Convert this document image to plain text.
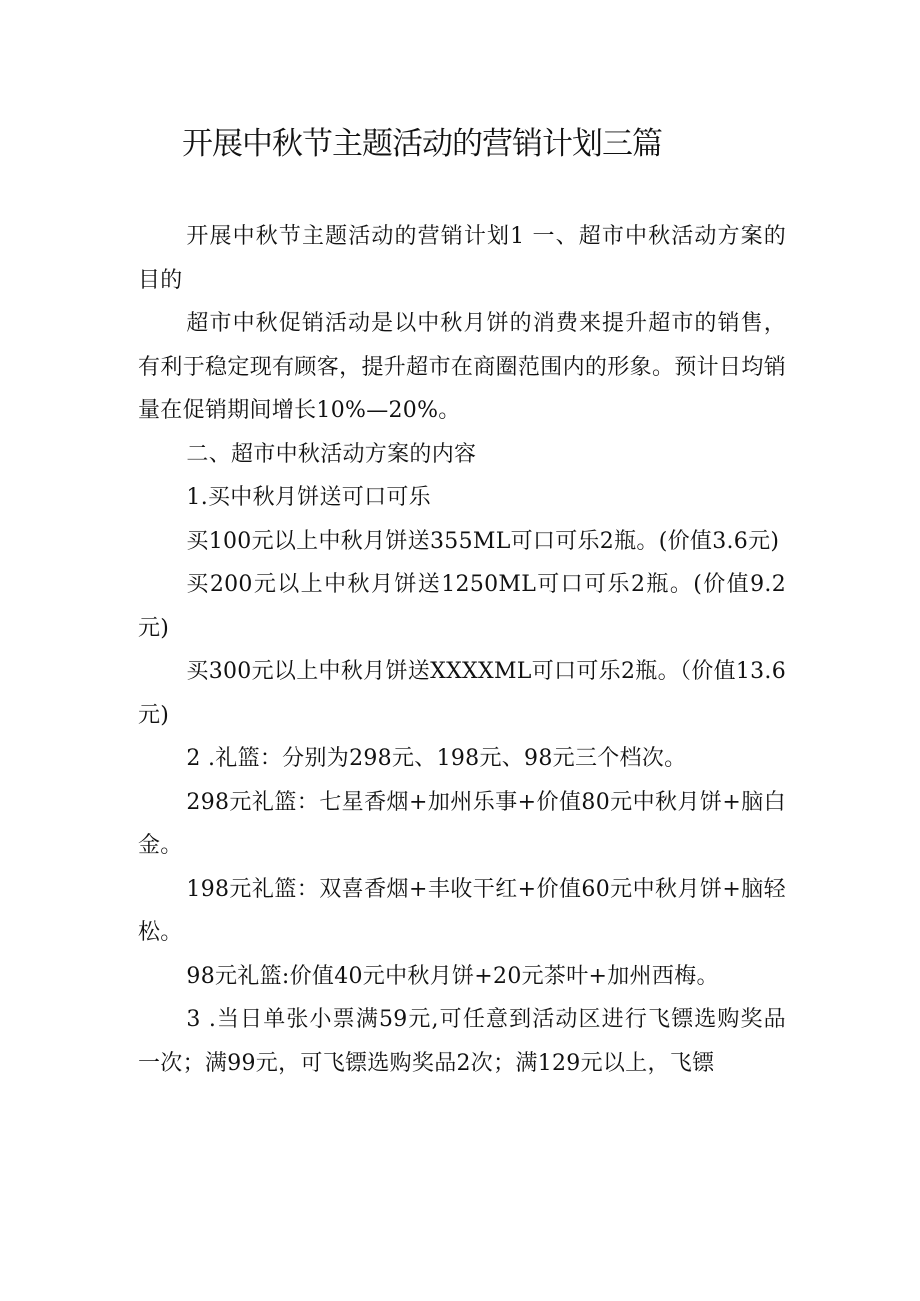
开展中秋节主题活动的营销计划三篇

开展中秋节主题活动的营销计划1 一、超市中秋活动方案的目的

超市中秋促销活动是以中秋月饼的消费来提升超市的销售，有利于稳定现有顾客，提升超市在商圈范围内的形象。预计日均销量在促销期间增长10%—20%。

二、超市中秋活动方案的内容

1.买中秋月饼送可口可乐

买100元以上中秋月饼送355ML可口可乐2瓶。(价值3.6元)

买200元以上中秋月饼送1250ML可口可乐2瓶。(价值9.2元)

买300元以上中秋月饼送XXXXML可口可乐2瓶。（价值13.6元)

2 .礼篮：分别为298元、198元、98元三个档次。

298元礼篮：七星香烟+加州乐事+价值80元中秋月饼+脑白金。

198元礼篮：双喜香烟+丰收干红+价值60元中秋月饼+脑轻松。

98元礼篮:价值40元中秋月饼+20元茶叶+加州西梅。

3 .当日单张小票满59元,可任意到活动区进行飞镖选购奖品一次；满99元，可飞镖选购奖品2次；满129元以上，飞镖
